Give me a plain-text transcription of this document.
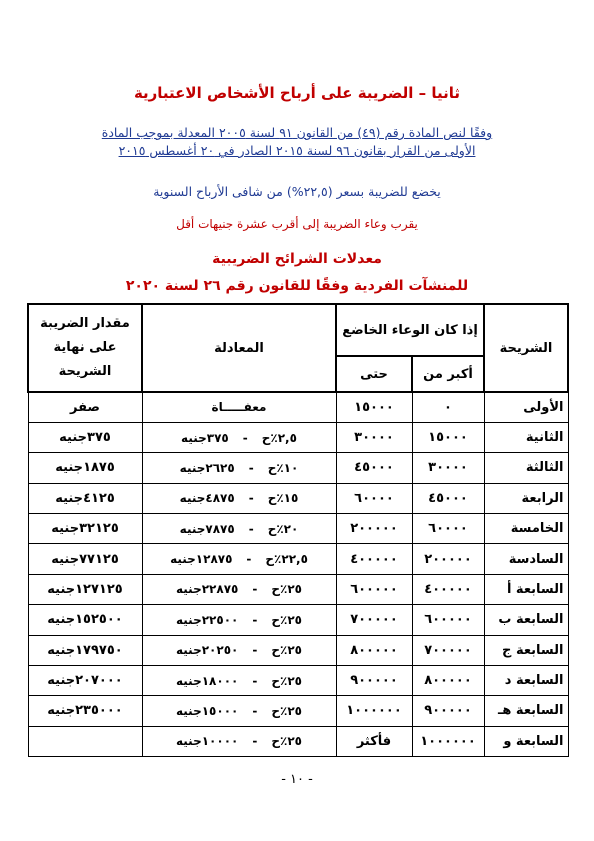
ثانيا – الضريبة على أرباح الأشخاص الاعتبارية
وفقًا لنص المادة رقم (٤٩) من القانون ٩١ لسنة ٢٠٠٥ المعدلة بموجب المادة
الأولى من القرار بقانون ٩٦ لسنة ٢٠١٥ الصادر في ٢٠ أغسطس ٢٠١٥
يخضع للضريبة بسعر (٢٢,٥%) من شافى الأرباح السنوية
يقرب وعاء الضريبة إلى أقرب عشرة جنيهات أقل
معدلات الشرائح الضريبية
للمنشآت الفردية وفقًا للقانون رقم ٢٦ لسنة ٢٠٢٠
الشريحة	إذا كان الوعاء الخاضع		المعادلة	مقدار الضريبة على نهاية الشريحة
	أكبر من	حتى		
الأولى	٠	١٥٠٠٠	معفـــــاة	صفر
الثانية	١٥٠٠٠	٣٠٠٠٠	٢,٥٪ح-٣٧٥جنيه	٣٧٥جنيه
الثالثة	٣٠٠٠٠	٤٥٠٠٠	١٠٪ح-٢٦٢٥جنيه	١٨٧٥جنيه
الرابعة	٤٥٠٠٠	٦٠٠٠٠	١٥٪ح-٤٨٧٥جنيه	٤١٢٥جنيه
الخامسة	٦٠٠٠٠	٢٠٠٠٠٠	٢٠٪ح-٧٨٧٥جنيه	٣٢١٢٥جنيه
السادسة	٢٠٠٠٠٠	٤٠٠٠٠٠	٢٢,٥٪ح-١٢٨٧٥جنيه	٧٧١٢٥جنيه
السابعة أ	٤٠٠٠٠٠	٦٠٠٠٠٠	٢٥٪ح-٢٢٨٧٥جنيه	١٢٧١٢٥جنيه
السابعة ب	٦٠٠٠٠٠	٧٠٠٠٠٠	٢٥٪ح-٢٢٥٠٠جنيه	١٥٢٥٠٠جنيه
السابعة ج	٧٠٠٠٠٠	٨٠٠٠٠٠	٢٥٪ح-٢٠٢٥٠جنيه	١٧٩٧٥٠جنيه
السابعة د	٨٠٠٠٠٠	٩٠٠٠٠٠	٢٥٪ح-١٨٠٠٠جنيه	٢٠٧٠٠٠جنيه
السابعة هـ	٩٠٠٠٠٠	١٠٠٠٠٠٠	٢٥٪ح-١٥٠٠٠جنيه	٢٣٥٠٠٠جنيه
السابعة و	١٠٠٠٠٠٠	فأكثر	٢٥٪ح-١٠٠٠٠جنيه	
- ١٠ -
